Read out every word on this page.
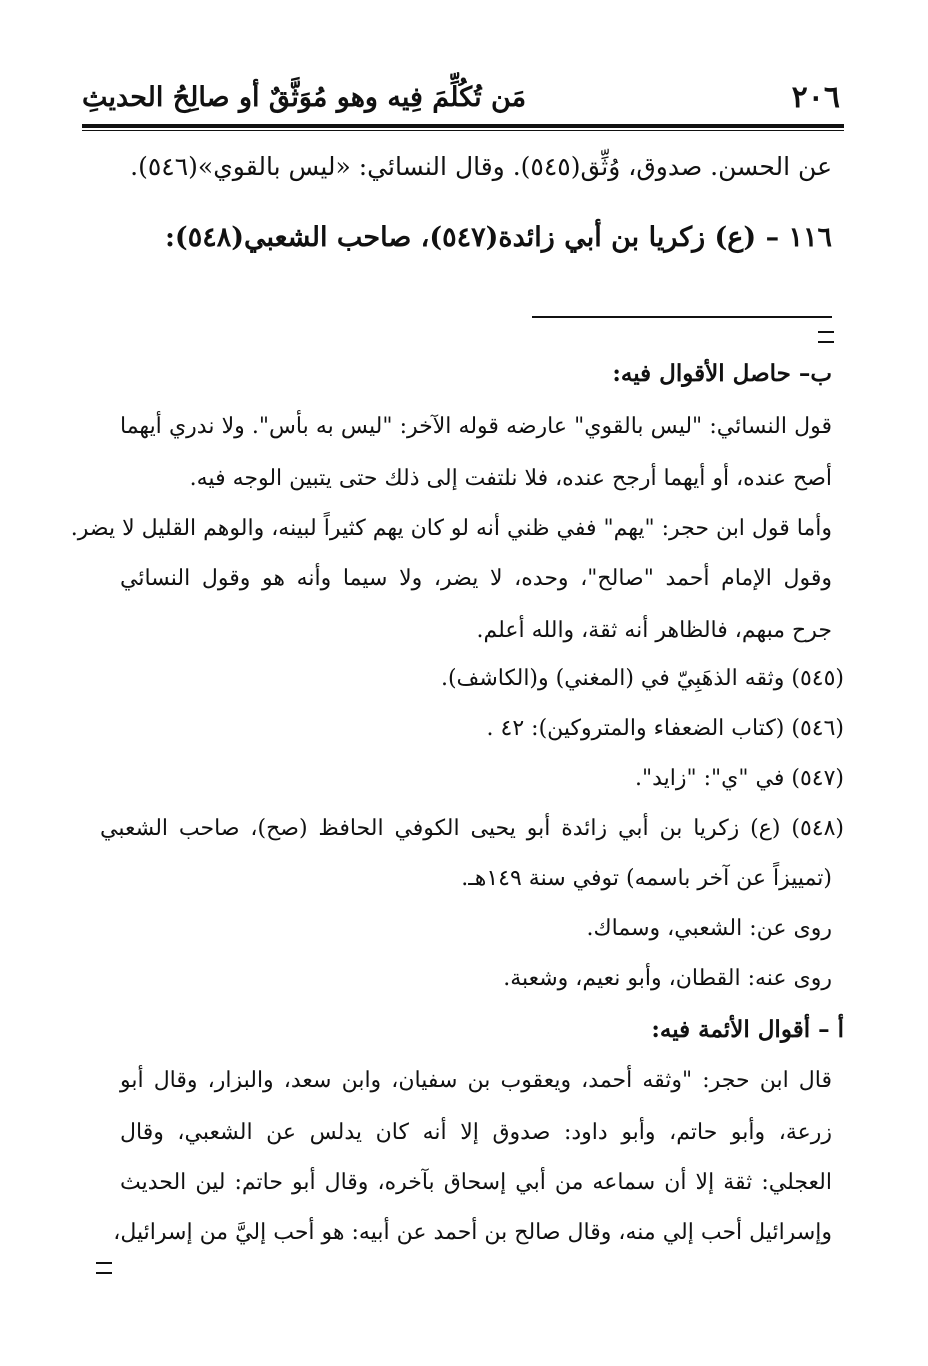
٢٠٦
مَن تُكُلِّمَ فِيه وهو مُوَثَّقٌ أو صالِحُ الحديثِ
عن الحسن. صدوق، وُثِّق(٥٤٥). وقال النسائي: «ليس بالقوي»(٥٤٦).
١١٦ – (ع) زكريا بن أبي زائدة(٥٤٧)، صاحب الشعبي(٥٤٨):
ب– حاصل الأقوال فيه:
قول النسائي: "ليس بالقوي" عارضه قوله الآخر: "ليس به بأس". ولا ندري أيهما
أصح عنده، أو أيهما أرجح عنده، فلا نلتفت إلى ذلك حتى يتبين الوجه فيه.
وأما قول ابن حجر: "يهم" ففي ظني أنه لو كان يهم كثيراً لبينه، والوهم القليل لا يضر.
وقول الإمام أحمد "صالح"، وحده، لا يضر، ولا سيما وأنه هو وقول النسائي
جرح مبهم، فالظاهر أنه ثقة، والله أعلم.
(٥٤٥) وثقه الذهَبِيّ في (المغني) و(الكاشف).
(٥٤٦) (كتاب الضعفاء والمتروكين): ٤٢ .
(٥٤٧) في "ي": "زايد".
(٥٤٨) (ع) زكريا بن أبي زائدة أبو يحيى الكوفي الحافظ (صح)، صاحب الشعبي
(تمييزاً عن آخر باسمه) توفي سنة ١٤٩هـ.
روى عن: الشعبي، وسماك.
روى عنه: القطان، وأبو نعيم، وشعبة.
أ – أقوال الأئمة فيه:
قال ابن حجر: "وثقه أحمد، ويعقوب بن سفيان، وابن سعد، والبزار، وقال أبو
زرعة، وأبو حاتم، وأبو داود: صدوق إلا أنه كان يدلس عن الشعبي، وقال
العجلي: ثقة إلا أن سماعه من أبي إسحاق بآخره، وقال أبو حاتم: لين الحديث
وإسرائيل أحب إلي منه، وقال صالح بن أحمد عن أبيه: هو أحب إليَّ من إسرائيل،
